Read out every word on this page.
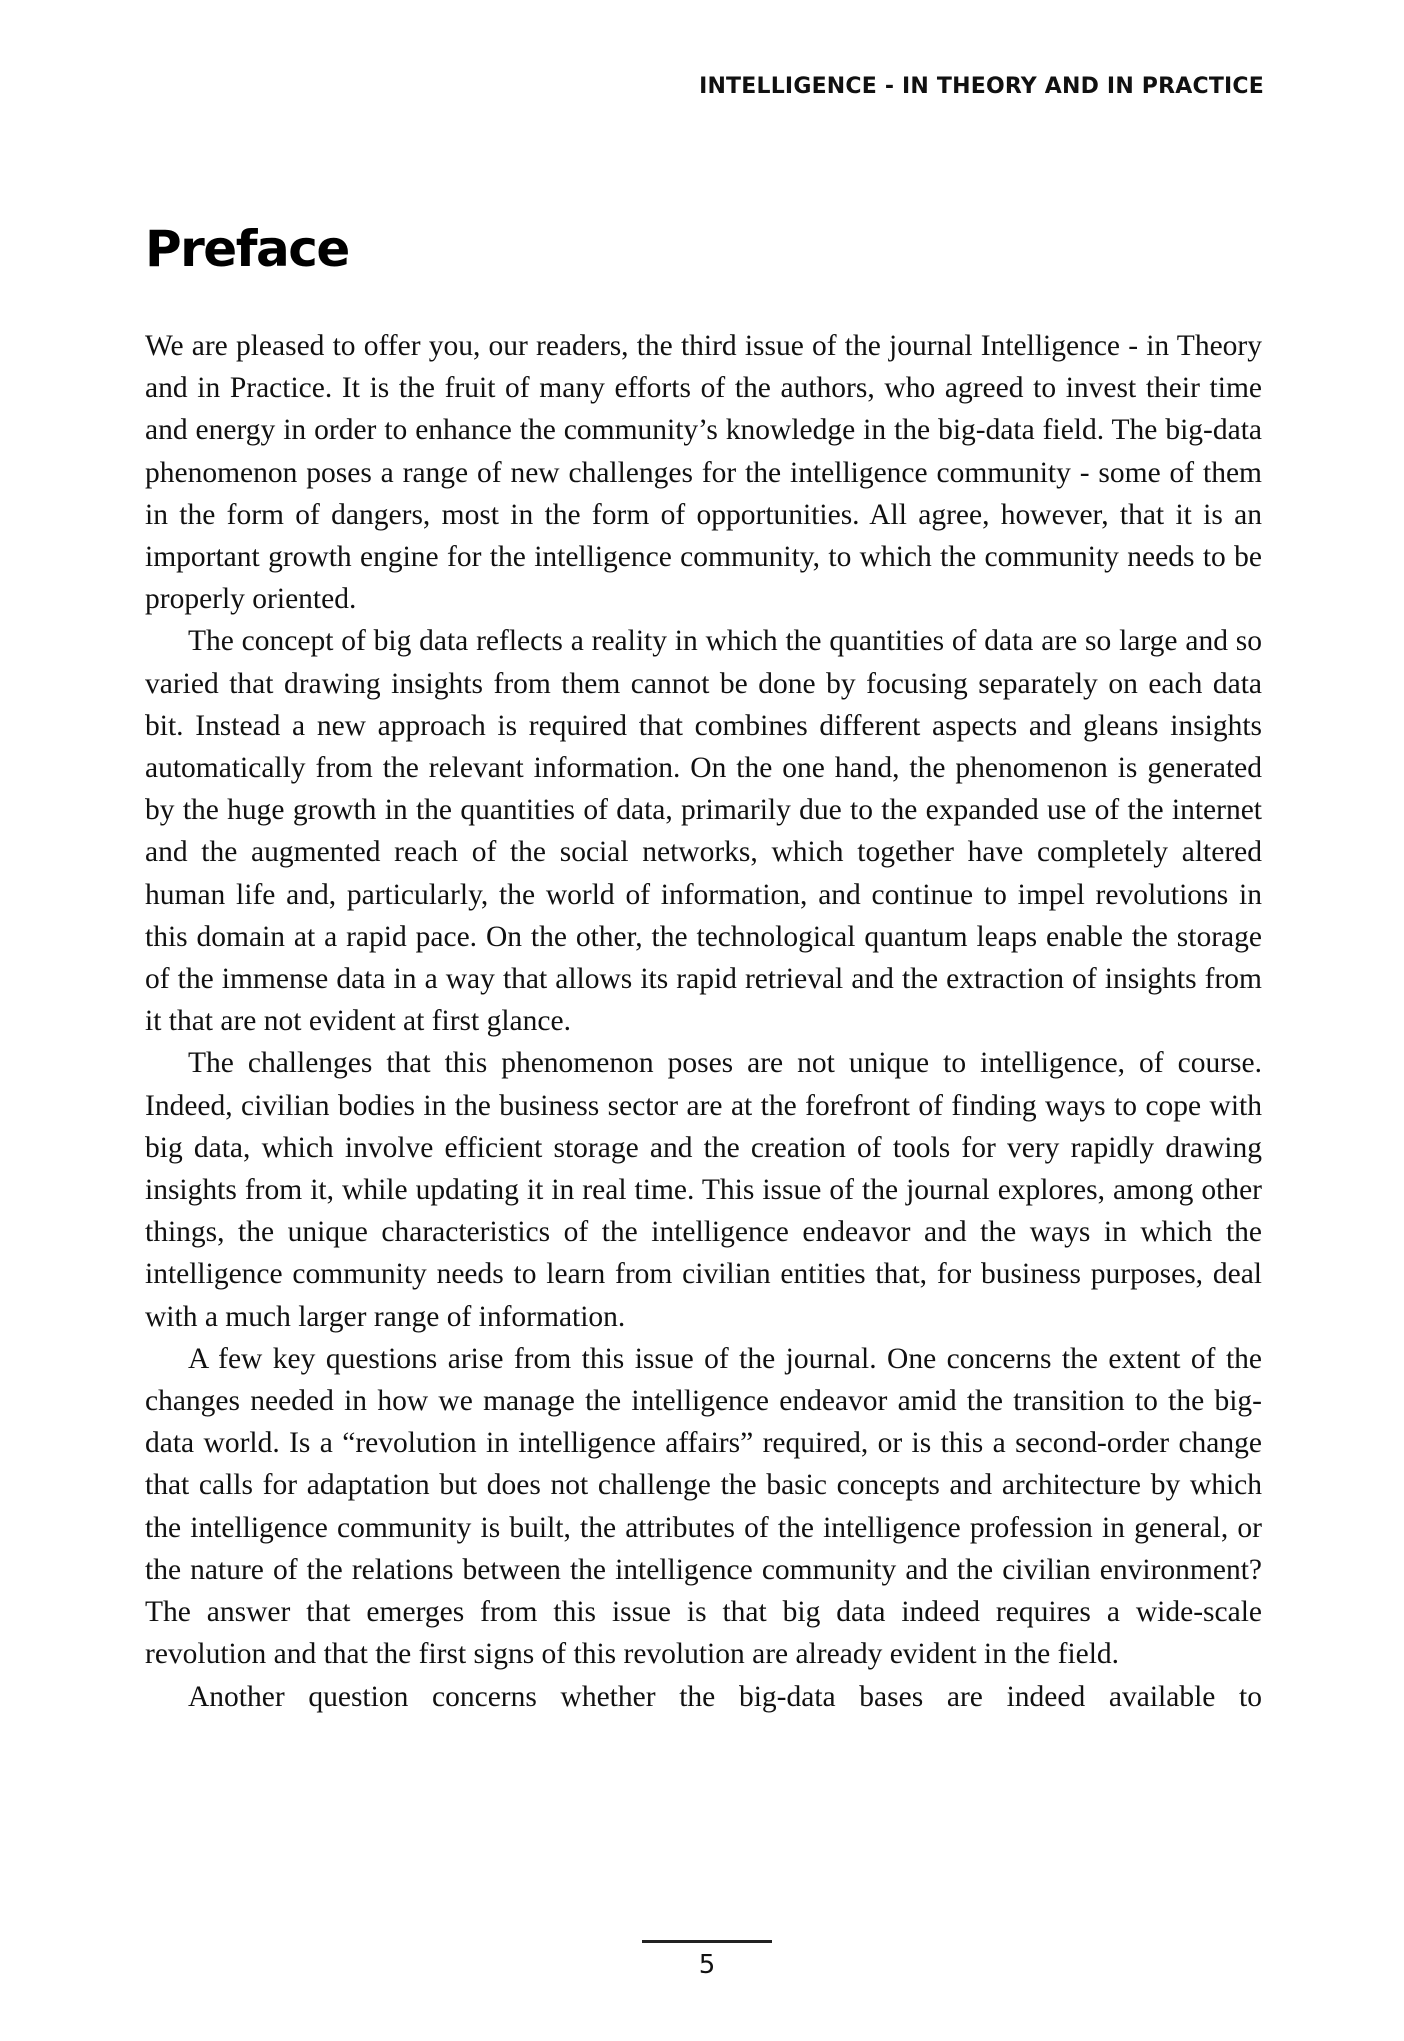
INTELLIGENCE - IN THEORY AND IN PRACTICE
Preface

We are pleased to offer you, our readers, the third issue of the journal Intelligence - in Theory and in Practice. It is the fruit of many efforts of the authors, who agreed to invest their time and energy in order to enhance the community’s knowledge in the big-data field. The big-data phenomenon poses a range of new challenges for the intelligence community - some of them in the form of dangers, most in the form of opportunities. All agree, however, that it is an important growth engine for the intelligence community, to which the community needs to be properly oriented.

The concept of big data reflects a reality in which the quantities of data are so large and so varied that drawing insights from them cannot be done by focusing separately on each data bit. Instead a new approach is required that combines different aspects and gleans insights automatically from the relevant information. On the one hand, the phenomenon is generated by the huge growth in the quantities of data, primarily due to the expanded use of the internet and the augmented reach of the social networks, which together have completely altered human life and, particularly, the world of information, and continue to impel revolutions in this domain at a rapid pace. On the other, the technological quantum leaps enable the storage of the immense data in a way that allows its rapid retrieval and the extraction of insights from it that are not evident at first glance.

The challenges that this phenomenon poses are not unique to intelligence, of course. Indeed, civilian bodies in the business sector are at the forefront of finding ways to cope with big data, which involve efficient storage and the creation of tools for very rapidly drawing insights from it, while updating it in real time. This issue of the journal explores, among other things, the unique characteristics of the intelligence endeavor and the ways in which the intelligence community needs to learn from civilian entities that, for business purposes, deal with a much larger range of information.

A few key questions arise from this issue of the journal. One concerns the extent of the changes needed in how we manage the intelligence endeavor amid the transition to the big-data world. Is a “revolution in intelligence affairs” required, or is this a second-order change that calls for adaptation but does not challenge the basic concepts and architecture by which the intelligence community is built, the attributes of the intelligence profession in general, or the nature of the relations between the intelligence community and the civilian environment? The answer that emerges from this issue is that big data indeed requires a wide-scale revolution and that the first signs of this revolution are already evident in the field.

Another question concerns whether the big-data bases are indeed available to

5
